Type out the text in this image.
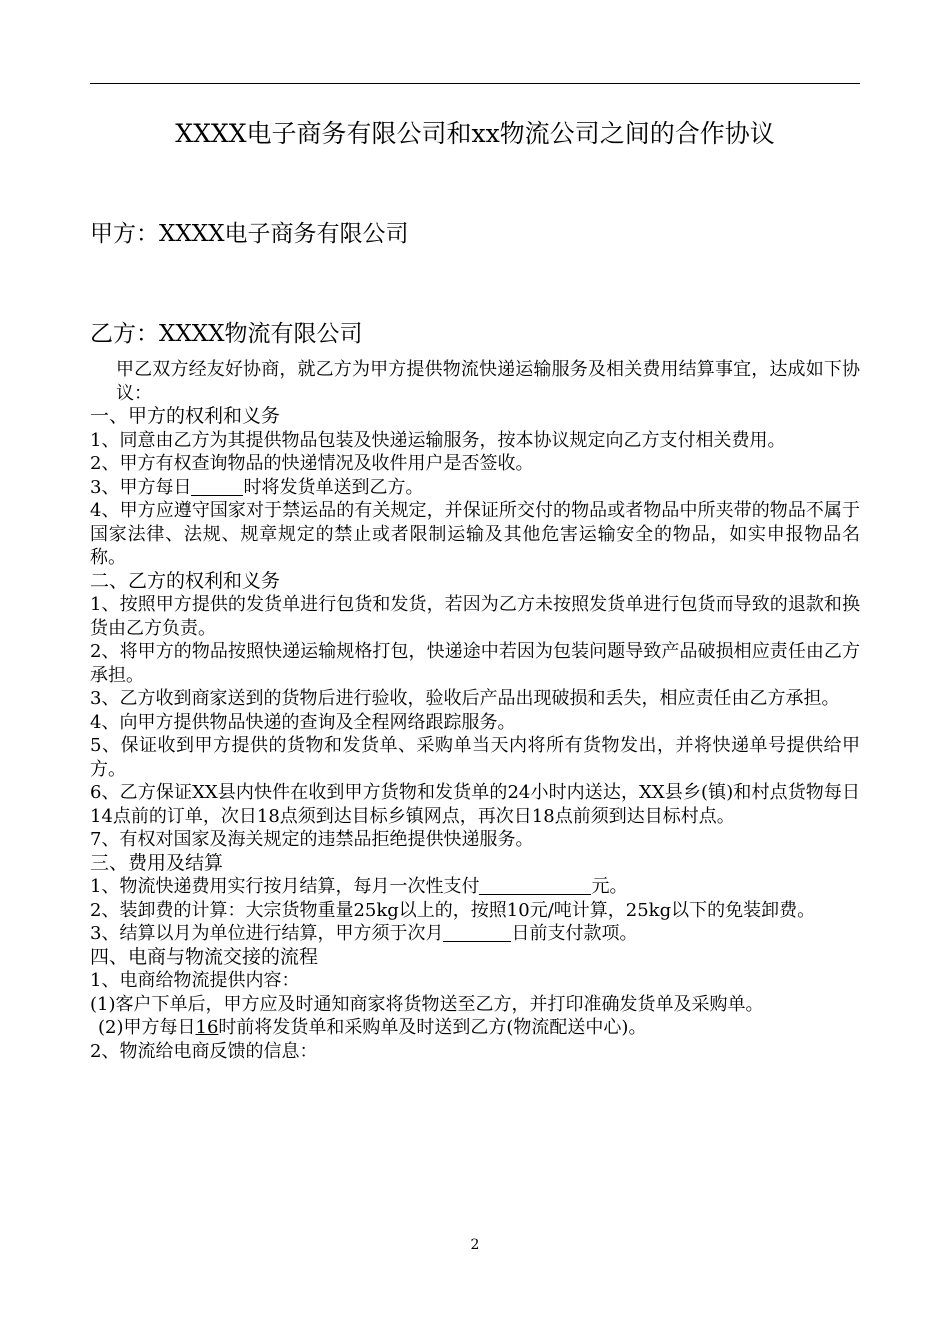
XXXX电子商务有限公司和xx物流公司之间的合作协议
甲方：XXXX电子商务有限公司
乙方：XXXX物流有限公司

甲乙双方经友好协商，就乙方为甲方提供物流快递运输服务及相关费用结算事宜，达成如下协议：

一、甲方的权利和义务

1、同意由乙方为其提供物品包装及快递运输服务，按本协议规定向乙方支付相关费用。

2、甲方有权查询物品的快递情况及收件用户是否签收。

3、甲方每日	时将发货单送到乙方。

4、甲方应遵守国家对于禁运品的有关规定，并保证所交付的物品或者物品中所夹带的物品不属于国家法律、法规、规章规定的禁止或者限制运输及其他危害运输安全的物品，如实申报物品名称。

二、乙方的权利和义务

1、按照甲方提供的发货单进行包货和发货，若因为乙方未按照发货单进行包货而导致的退款和换货由乙方负责。

2、将甲方的物品按照快递运输规格打包，快递途中若因为包装问题导致产品破损相应责任由乙方承担。

3、乙方收到商家送到的货物后进行验收，验收后产品出现破损和丢失，相应责任由乙方承担。

4、向甲方提供物品快递的查询及全程网络跟踪服务。

5、保证收到甲方提供的货物和发货单、采购单当天内将所有货物发出，并将快递单号提供给甲方。

6、乙方保证XX县内快件在收到甲方货物和发货单的24小时内送达，XX县乡(镇)和村点货物每日14点前的订单，次日18点须到达目标乡镇网点，再次日18点前须到达目标村点。

7、有权对国家及海关规定的违禁品拒绝提供快递服务。

三、费用及结算

1、物流快递费用实行按月结算，每月一次性支付	元。

2、装卸费的计算：大宗货物重量25kg以上的，按照10元/吨计算，25kg以下的免装卸费。

3、结算以月为单位进行结算，甲方须于次月	日前支付款项。

四、电商与物流交接的流程

1、电商给物流提供内容：

(1)客户下单后，甲方应及时通知商家将货物送至乙方，并打印准确发货单及采购单。

(2)甲方每日16时前将发货单和采购单及时送到乙方(物流配送中心)。

2、物流给电商反馈的信息：

2
